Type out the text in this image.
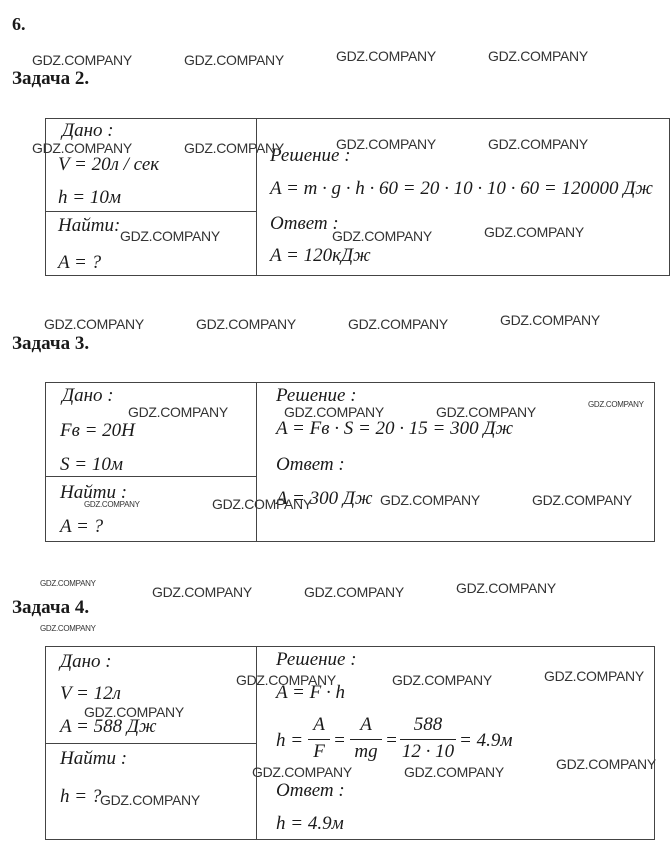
6.
Задача 2.
Дано :
V = 20л / сек
h = 10м
Найти:
A = ?
Решение :
A = m · g · h · 60 = 20 · 10 · 10 · 60 = 120000 Дж
Ответ :
A = 120кДж
Задача 3.
Дано :
Fв = 20Н
S = 10м
Найти :
A = ?
Решение :
A = Fв · S = 20 · 15 = 300 Дж
Ответ :
A = 300 Дж
Задача 4.
Дано :
V = 12л
A = 588 Дж
Найти :
h = ?
Решение :
A = F · h
h =
A
F
=
A
mg
=
588
12 · 10
= 4.9м
Ответ :
h = 4.9м
GDZ.COMPANY	GDZ.COMPANY	GDZ.COMPANY	GDZ.COMPANY
GDZ.COMPANY	GDZ.COMPANY	GDZ.COMPANY	GDZ.COMPANY
GDZ.COMPANY	GDZ.COMPANY	GDZ.COMPANY
GDZ.COMPANY	GDZ.COMPANY	GDZ.COMPANY	GDZ.COMPANY
GDZ.COMPANY	GDZ.COMPANY	GDZ.COMPANY	GDZ.COMPANY
GDZ.COMPANY	GDZ.COMPANY	GDZ.COMPANY	GDZ.COMPANY
GDZ.COMPANY
GDZ.COMPANY	GDZ.COMPANY	GDZ.COMPANY
GDZ.COMPANY
GDZ.COMPANY	GDZ.COMPANY	GDZ.COMPANY
GDZ.COMPANY
GDZ.COMPANY	GDZ.COMPANY	GDZ.COMPANY
GDZ.COMPANY
